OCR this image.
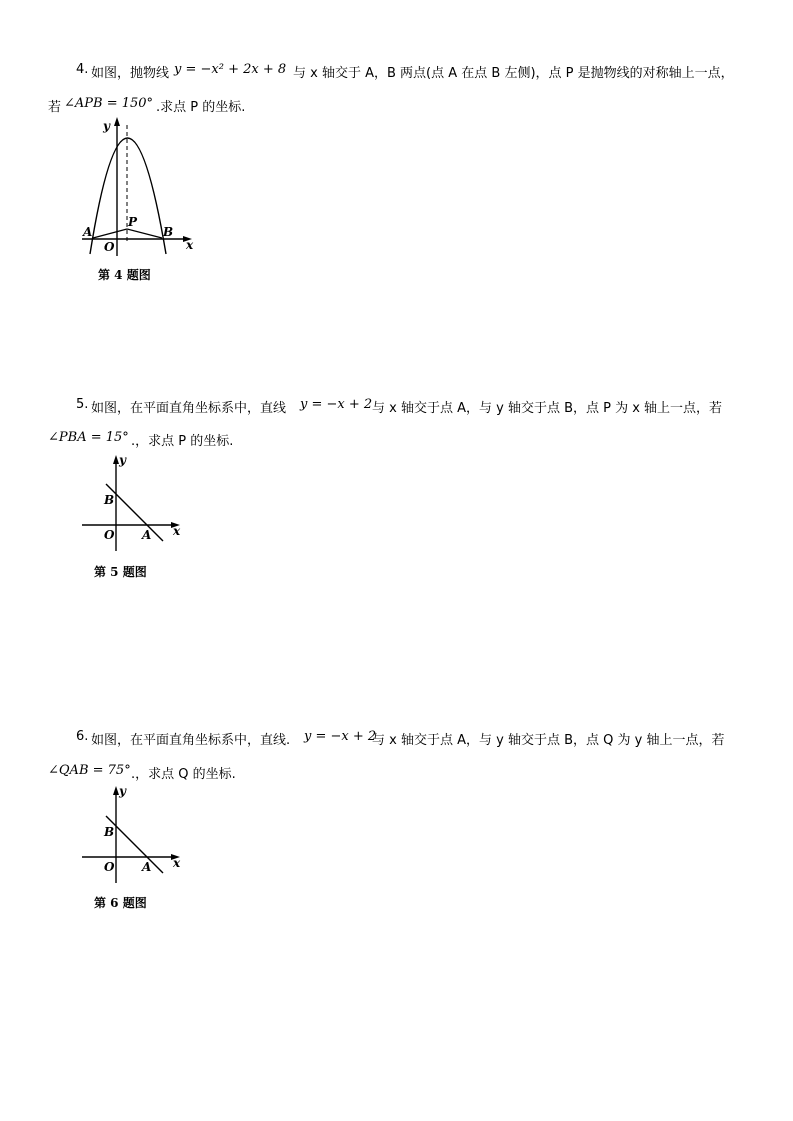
4. 如图，抛物线 y = −x² + 2x + 8 与 x 轴交于 A，B 两点(点 A 在点 B 左侧)，点 P 是抛物线的对称轴上一点，
若 ∠APB = 150° .求点 P 的坐标.
y
A
P
B
O	x
第 4 题图
5. 如图，在平面直角坐标系中，直线 y = −x + 2 与 x 轴交于点 A，与 y 轴交于点 B，点 P 为 x 轴上一点，若
∠PBA = 15° .，求点 P 的坐标.
y
B
O A x
第 5 题图
6. 如图，在平面直角坐标系中，直线. y = −x + 2
与 x 轴交于点 A，与 y 轴交于点 B，点 Q 为 y 轴上一点，若
∠QAB = 75° .，求点 Q 的坐标.
y
B
O A x
第 6 题图
